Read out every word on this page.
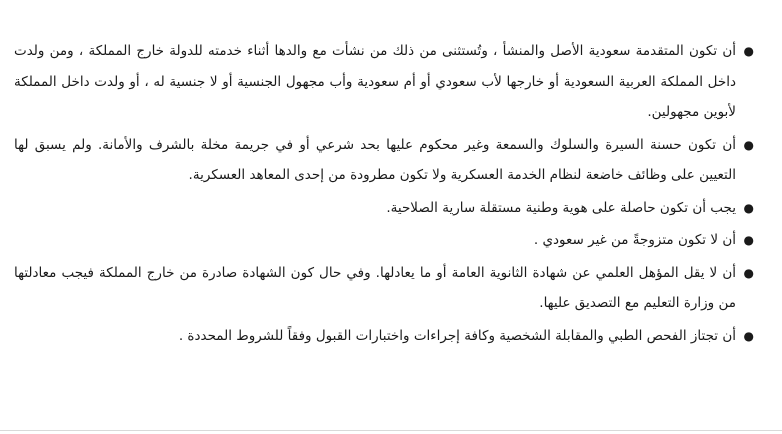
●
أن تكون المتقدمة سعودية الأصل والمنشأ ، وتُستثنى من ذلك من نشأت مع والدها أثناء خدمته للدولة خارج المملكة ، ومن ولدت داخل المملكة العربية السعودية أو خارجها لأب سعودي أو أم سعودية وأب مجهول الجنسية أو لا جنسية له ، أو ولدت داخل المملكة لأبوين مجهولين.
●
أن تكون حسنة السيرة والسلوك والسمعة وغير محكوم عليها بحد شرعي أو في جريمة مخلة بالشرف والأمانة. ولم يسبق لها التعيين على وظائف خاضعة لنظام الخدمة العسكرية ولا تكون مطرودة من إحدى المعاهد العسكرية.
●
يجب أن تكون حاصلة على هوية وطنية مستقلة سارية الصلاحية.
●
أن لا تكون متزوجةً من غير سعودي .
●
أن لا يقل المؤهل العلمي عن شهادة الثانوية العامة أو ما يعادلها. وفي حال كون الشهادة صادرة من خارج المملكة فيجب معادلتها من وزارة التعليم مع التصديق عليها.
●
أن تجتاز الفحص الطبي والمقابلة الشخصية وكافة إجراءات واختبارات القبول وفقاً للشروط المحددة .
